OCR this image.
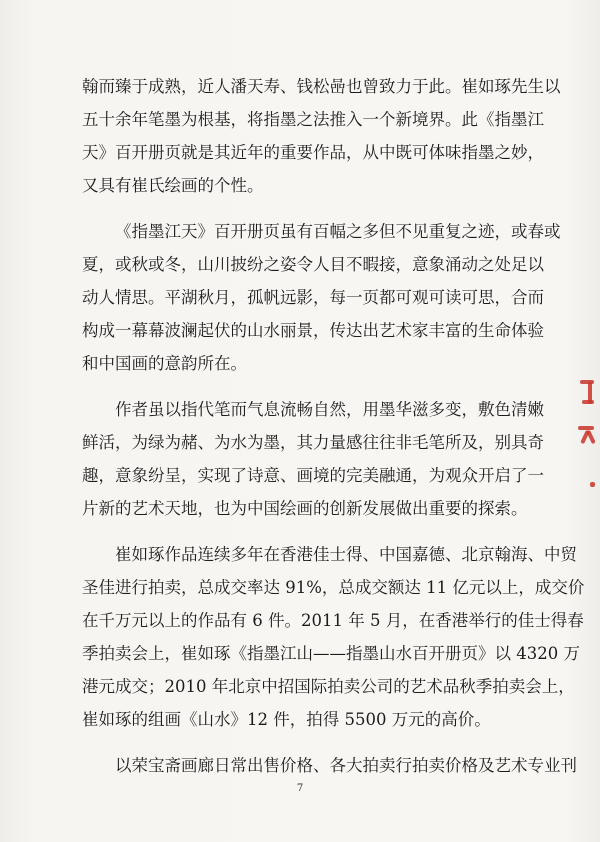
翰而臻于成熟，近人潘天寿、钱松喦也曾致力于此。崔如琢先生以
五十余年笔墨为根基，将指墨之法推入一个新境界。此《指墨江
天》百开册页就是其近年的重要作品，从中既可体味指墨之妙，
又具有崔氏绘画的个性。
《指墨江天》百开册页虽有百幅之多但不见重复之迹，或春或
夏，或秋或冬，山川披纷之姿令人目不暇接，意象涌动之处足以
动人情思。平湖秋月，孤帆远影，每一页都可观可读可思，合而
构成一幕幕波澜起伏的山水丽景，传达出艺术家丰富的生命体验
和中国画的意韵所在。
作者虽以指代笔而气息流畅自然，用墨华滋多变，敷色清嫩
鲜活，为绿为赭、为水为墨，其力量感往往非毛笔所及，别具奇
趣，意象纷呈，实现了诗意、画境的完美融通，为观众开启了一
片新的艺术天地，也为中国绘画的创新发展做出重要的探索。
崔如琢作品连续多年在香港佳士得、中国嘉德、北京翰海、中贸
圣佳进行拍卖，总成交率达 91%，总成交额达 11 亿元以上，成交价
在千万元以上的作品有 6 件。2011 年 5 月，在香港举行的佳士得春
季拍卖会上，崔如琢《指墨江山——指墨山水百开册页》以 4320 万
港元成交；2010 年北京中招国际拍卖公司的艺术品秋季拍卖会上，
崔如琢的组画《山水》12 件，拍得 5500 万元的高价。
以荣宝斋画廊日常出售价格、各大拍卖行拍卖价格及艺术专业刊
7
